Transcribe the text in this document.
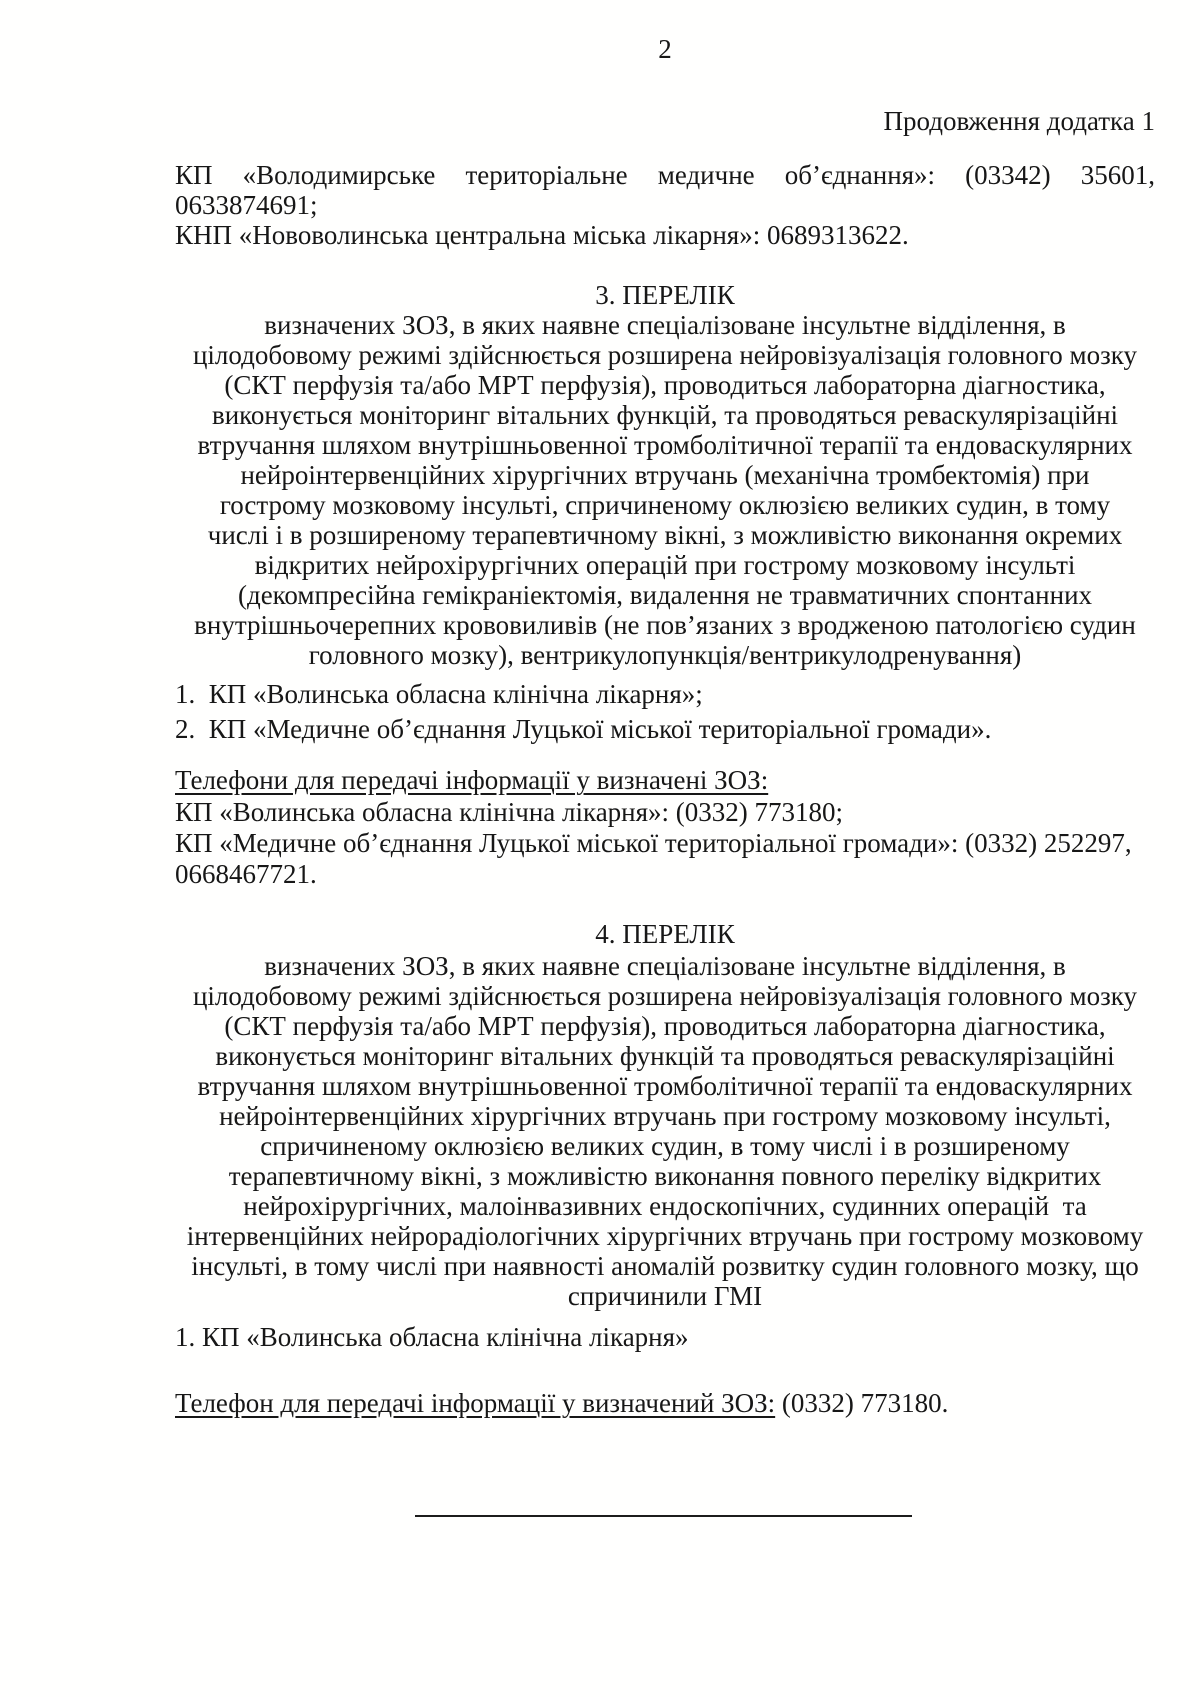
2
Продовження додатка 1
КП «Володимирське територіальне медичне об’єднання»: (03342) 35601,
0633874691;
КНП «Нововолинська центральна міська лікарня»: 0689313622.
3. ПЕРЕЛІК
визначених ЗОЗ, в яких наявне спеціалізоване інсультне відділення, в
цілодобовому режимі здійснюється розширена нейровізуалізація головного мозку
(СКТ перфузія та/або МРТ перфузія), проводиться лабораторна діагностика,
виконується моніторинг вітальних функцій, та проводяться реваскулярізаційні
втручання шляхом внутрішньовенної тромболітичної терапії та ендоваскулярних
нейроінтервенційних хірургічних втручань (механічна тромбектомія) при
гострому мозковому інсульті, спричиненому оклюзією великих судин, в тому
числі і в розширеному терапевтичному вікні, з можливістю виконання окремих
відкритих нейрохірургічних операцій при гострому мозковому інсульті
(декомпресійна гемікраніектомія, видалення не травматичних спонтанних
внутрішньочерепних крововиливів (не пов’язаних з вродженою патологією судин
головного мозку), вентрикулопункція/вентрикулодренування)
1.  КП «Волинська обласна клінічна лікарня»;
2.  КП «Медичне об’єднання Луцької міської територіальної громади».
Телефони для передачі інформації у визначені ЗОЗ:
КП «Волинська обласна клінічна лікарня»: (0332) 773180;
КП «Медичне об’єднання Луцької міської територіальної громади»: (0332) 252297,
0668467721.
4. ПЕРЕЛІК
визначених ЗОЗ, в яких наявне спеціалізоване інсультне відділення, в
цілодобовому режимі здійснюється розширена нейровізуалізація головного мозку
(СКТ перфузія та/або МРТ перфузія), проводиться лабораторна діагностика,
виконується моніторинг вітальних функцій та проводяться реваскулярізаційні
втручання шляхом внутрішньовенної тромболітичної терапії та ендоваскулярних
нейроінтервенційних хірургічних втручань при гострому мозковому інсульті,
спричиненому оклюзією великих судин, в тому числі і в розширеному
терапевтичному вікні, з можливістю виконання повного переліку відкритих
нейрохірургічних, малоінвазивних ендоскопічних, судинних операцій  та
інтервенційних нейрорадіологічних хірургічних втручань при гострому мозковому
інсульті, в тому числі при наявності аномалій розвитку судин головного мозку, що
спричинили ГМІ
1. КП «Волинська обласна клінічна лікарня»
Телефон для передачі інформації у визначений ЗОЗ: (0332) 773180.
